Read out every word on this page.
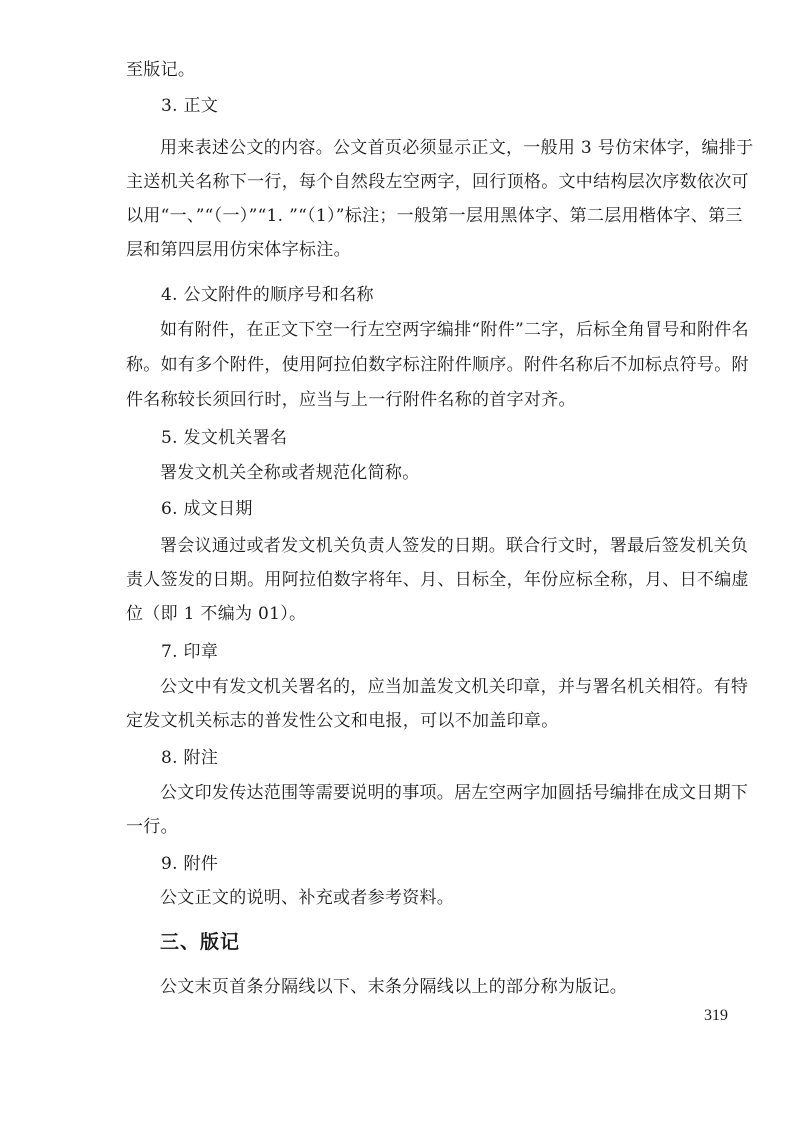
至版记。
3. 正文
用来表述公文的内容。公文首页必须显示正文，一般用 3 号仿宋体字，编排于
主送机关名称下一行，每个自然段左空两字，回行顶格。文中结构层次序数依次可
以用“一、”“（一）”“1. ”“（1）”标注；一般第一层用黑体字、第二层用楷体字、第三
层和第四层用仿宋体字标注。
4. 公文附件的顺序号和名称
如有附件，在正文下空一行左空两字编排“附件”二字，后标全角冒号和附件名
称。如有多个附件，使用阿拉伯数字标注附件顺序。附件名称后不加标点符号。附
件名称较长须回行时，应当与上一行附件名称的首字对齐。
5. 发文机关署名
署发文机关全称或者规范化简称。
6. 成文日期
署会议通过或者发文机关负责人签发的日期。联合行文时，署最后签发机关负
责人签发的日期。用阿拉伯数字将年、月、日标全，年份应标全称，月、日不编虚
位（即 1 不编为 01）。
7. 印章
公文中有发文机关署名的，应当加盖发文机关印章，并与署名机关相符。有特
定发文机关标志的普发性公文和电报，可以不加盖印章。
8. 附注
公文印发传达范围等需要说明的事项。居左空两字加圆括号编排在成文日期下
一行。
9. 附件
公文正文的说明、补充或者参考资料。
三、版记
公文末页首条分隔线以下、末条分隔线以上的部分称为版记。
319
